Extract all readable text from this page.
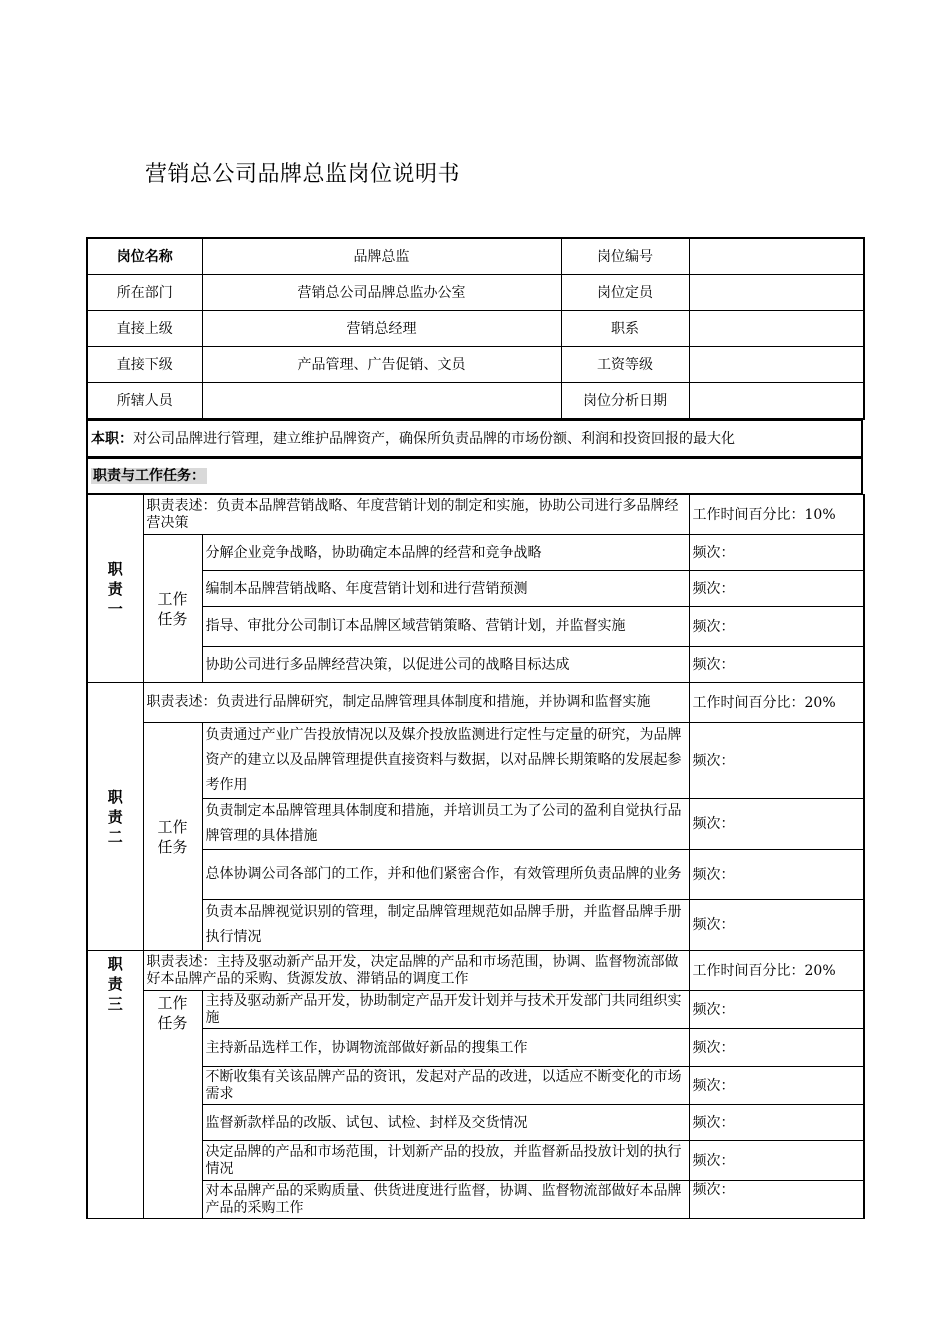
营销总公司品牌总监岗位说明书
岗位名称	品牌总监	岗位编号	
所在部门	营销总公司品牌总监办公室	岗位定员	
直接上级	营销总经理	职系	
直接下级	产品管理、广告促销、文员	工资等级	
所辖人员		岗位分析日期	
本职：对公司品牌进行管理，建立维护品牌资产，确保所负责品牌的市场份额、利润和投资回报的最大化
职责与工作任务：
职责一	职责表述：负责本品牌营销战略、年度营销计划的制定和实施，协助公司进行多品牌经营决策		工作时间百分比：10%
	工作任务	分解企业竞争战略，协助确定本品牌的经营和竞争战略	频次：
		编制本品牌营销战略、年度营销计划和进行营销预测	频次：
		指导、审批分公司制订本品牌区域营销策略、营销计划，并监督实施	频次：
		协助公司进行多品牌经营决策，以促进公司的战略目标达成	频次：
职责二	职责表述：负责进行品牌研究，制定品牌管理具体制度和措施，并协调和监督实施		工作时间百分比：20%
	工作任务	负责通过产业广告投放情况以及媒介投放监测进行定性与定量的研究，为品牌资产的建立以及品牌管理提供直接资料与数据，以对品牌长期策略的发展起参考作用	频次：
		负责制定本品牌管理具体制度和措施，并培训员工为了公司的盈利自觉执行品牌管理的具体措施	频次：
		总体协调公司各部门的工作，并和他们紧密合作，有效管理所负责品牌的业务	频次：
		负责本品牌视觉识别的管理，制定品牌管理规范如品牌手册，并监督品牌手册执行情况	频次：
职责三	职责表述：主持及驱动新产品开发，决定品牌的产品和市场范围，协调、监督物流部做好本品牌产品的采购、货源发放、滞销品的调度工作		工作时间百分比：20%
	工作任务	主持及驱动新产品开发，协助制定产品开发计划并与技术开发部门共同组织实施	频次：
		主持新品选样工作，协调物流部做好新品的搜集工作	频次：
		不断收集有关该品牌产品的资讯，发起对产品的改进，以适应不断变化的市场需求	频次：
		监督新款样品的改版、试包、试检、封样及交货情况	频次：
		决定品牌的产品和市场范围，计划新产品的投放，并监督新品投放计划的执行情况	频次：
		对本品牌产品的采购质量、供货进度进行监督，协调、监督物流部做好本品牌产品的采购工作	频次：
